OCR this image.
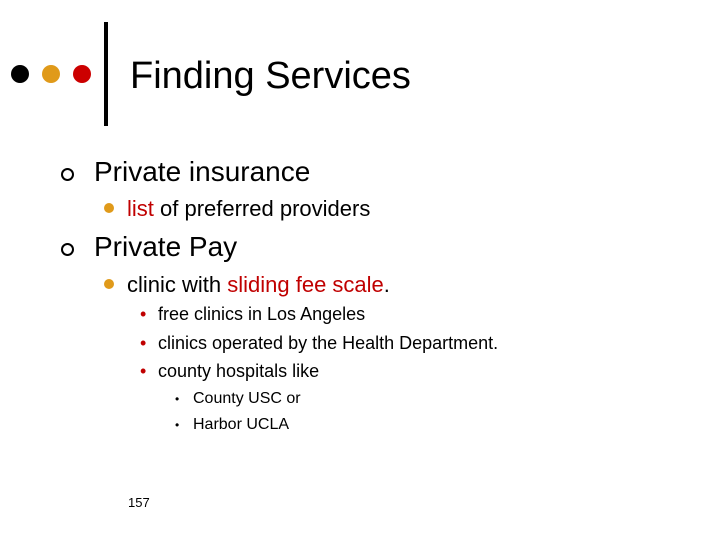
Finding Services
Private insurance
list of preferred providers
Private Pay
clinic with sliding fee scale.
• free clinics in Los Angeles
• clinics operated by the Health Department.
• county hospitals like
• County USC or
• Harbor UCLA
157
